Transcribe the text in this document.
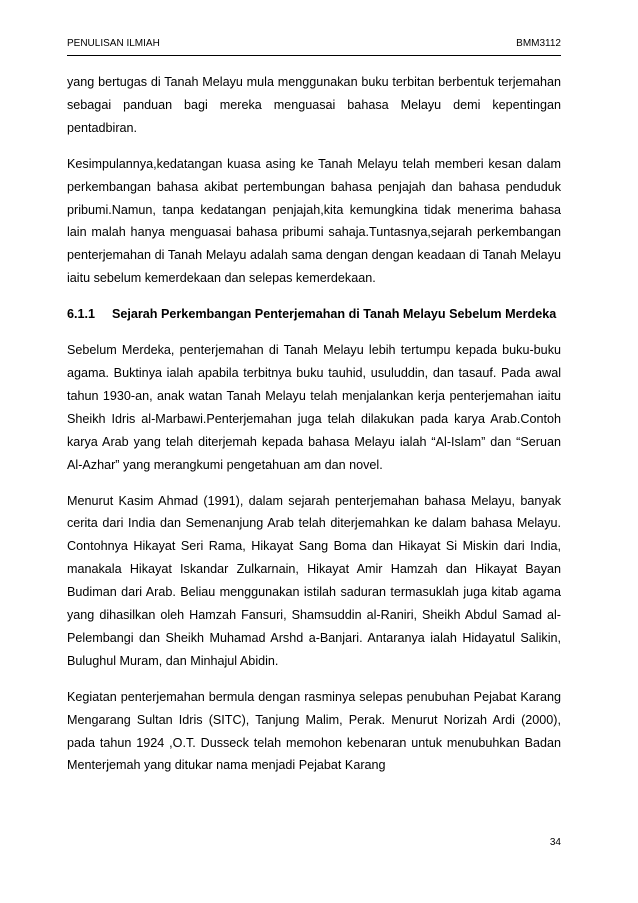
PENULISAN ILMIAH	BMM3112

yang bertugas di Tanah Melayu mula menggunakan buku terbitan berbentuk terjemahan sebagai panduan bagi mereka menguasai bahasa Melayu demi kepentingan pentadbiran.

Kesimpulannya,kedatangan kuasa asing ke Tanah Melayu telah memberi kesan dalam perkembangan bahasa akibat pertembungan bahasa penjajah dan bahasa penduduk pribumi.Namun, tanpa kedatangan penjajah,kita kemungkina tidak menerima bahasa lain malah hanya menguasai bahasa pribumi sahaja.Tuntasnya,sejarah perkembangan penterjemahan di Tanah Melayu adalah sama dengan dengan keadaan di Tanah Melayu iaitu sebelum kemerdekaan dan selepas kemerdekaan.

6.1.1 Sejarah Perkembangan Penterjemahan di Tanah Melayu Sebelum Merdeka

Sebelum Merdeka, penterjemahan di Tanah Melayu lebih tertumpu kepada buku-buku agama. Buktinya ialah apabila terbitnya buku tauhid, usuluddin, dan tasauf. Pada awal tahun 1930-an, anak watan Tanah Melayu telah menjalankan kerja penterjemahan iaitu Sheikh Idris al-Marbawi.Penterjemahan juga telah dilakukan pada karya Arab.Contoh karya Arab yang telah diterjemah kepada bahasa Melayu ialah “Al-Islam” dan “Seruan Al-Azhar” yang merangkumi pengetahuan am dan novel.

Menurut Kasim Ahmad (1991), dalam sejarah penterjemahan bahasa Melayu, banyak cerita dari India dan Semenanjung Arab telah diterjemahkan ke dalam bahasa Melayu. Contohnya Hikayat Seri Rama, Hikayat Sang Boma dan Hikayat Si Miskin dari India, manakala Hikayat Iskandar Zulkarnain, Hikayat Amir Hamzah dan Hikayat Bayan Budiman dari Arab. Beliau menggunakan istilah saduran termasuklah juga kitab agama yang dihasilkan oleh Hamzah Fansuri, Shamsuddin al-Raniri, Sheikh Abdul Samad al-Pelembangi dan Sheikh Muhamad Arshd a-Banjari. Antaranya ialah Hidayatul Salikin, Bulughul Muram, dan Minhajul Abidin.

Kegiatan penterjemahan bermula dengan rasminya selepas penubuhan Pejabat Karang Mengarang Sultan Idris (SITC), Tanjung Malim, Perak. Menurut Norizah Ardi (2000), pada tahun 1924 ,O.T. Dusseck telah memohon kebenaran untuk menubuhkan Badan Menterjemah yang ditukar nama menjadi Pejabat Karang

34
